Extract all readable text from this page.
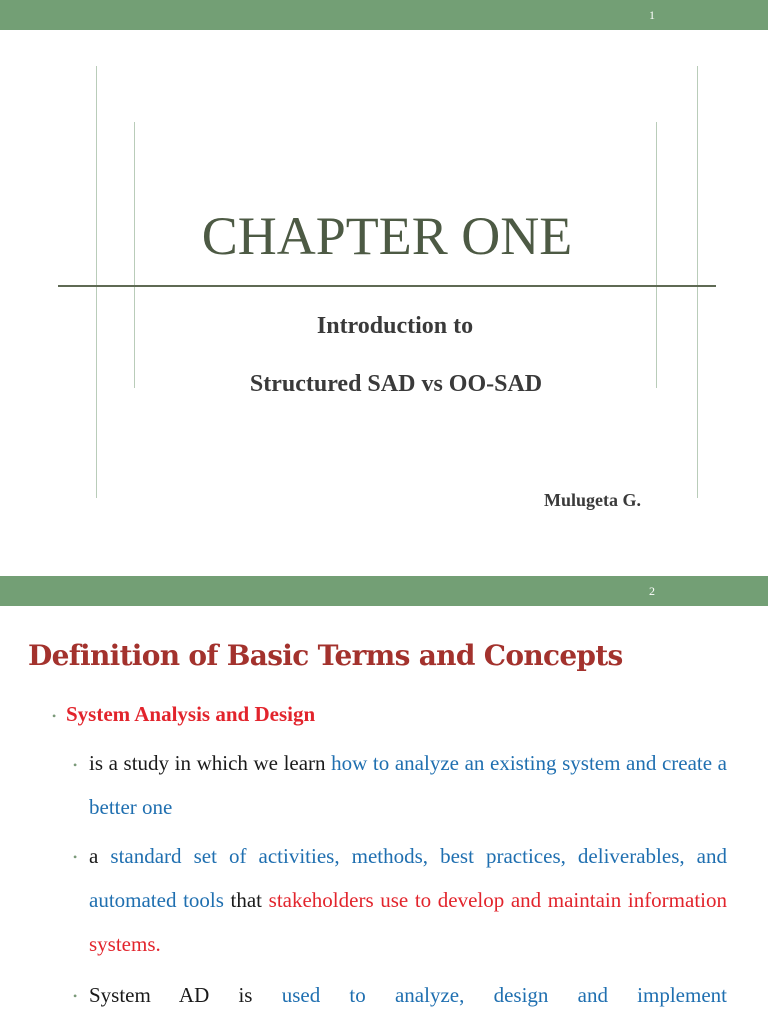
1
CHAPTER ONE
Introduction to
Structured SAD vs OO-SAD
Mulugeta G.
2
Definition of Basic Terms and Concepts
• System Analysis and Design
• is a study in which we learn how to analyze an existing system and create a better one
• a standard set of activities, methods, best practices, deliverables, and automated tools that stakeholders use to develop and maintain information systems.
• System AD is used to analyze, design and implement
